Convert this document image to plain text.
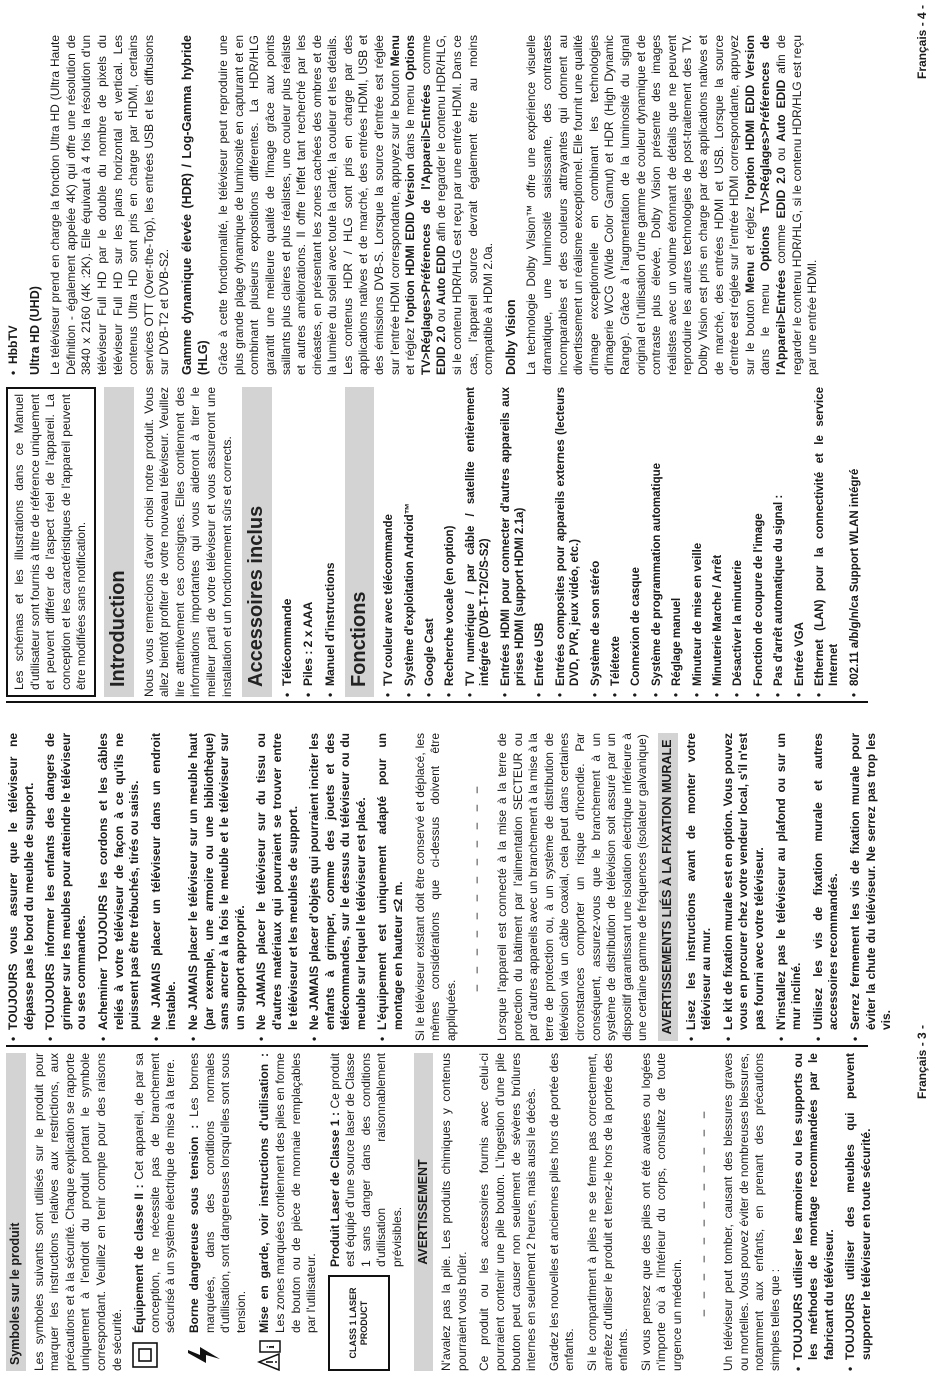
Symboles sur le produit Les symboles suivants sont utilisés sur le produit pour marquer les instructions relatives aux restrictions, aux précautions et à la sécurité. Chaque explication se rapporte uniquement à l'endroit du produit portant le symbole correspondant. Veuillez en tenir compte pour des raisons de sécurité.

Équipement de classe II : Cet appareil, de par sa conception, ne nécessite pas de branchement sécurisé à un système électrique de mise à la terre. Borne dangereuse sous tension : Les bornes marquées, dans des conditions normales d'utilisation, sont dangereuses lorsqu'elles sont sous tension.
i
Mise en garde, voir instructions d'utilisation : Les zones marquées contiennent des piles en forme de bouton ou de pièce de monnaie remplaçables par l'utilisateur.	CLASS 1 LASER PRODUCT
Produit Laser de Classe 1 : Ce produit est équipé d'une source laser de Classe 1 sans danger dans des conditions d'utilisation raisonnablement prévisibles. AVERTISSEMENT N'avalez pas la pile. Les produits chimiques y contenus pourraient vous brûler. Ce produit ou les accessoires fournis avec celui-ci pourraient contenir une pile bouton. L'ingestion d'une pile bouton peut causer non seulement de sévères brûlures internes en seulement 2 heures, mais aussi le décès. Gardez les nouvelles et anciennes piles hors de portée des enfants. Si le compartiment à piles ne se ferme pas correctement, arrêtez d'utiliser le produit et tenez-le hors de la portée des enfants. Si vous pensez que des piles ont été avalées ou logées n'importe où à l'intérieur du corps, consultez de toute urgence un médecin. – – – – – – – – – – – – Un téléviseur peut tomber, causant des blessures graves ou mortelles. Vous pouvez éviter de nombreuses blessures, notamment aux enfants, en prenant des précautions simples telles que : • TOUJOURS utiliser les armoires ou les supports ou les méthodes de montage recommandées par le fabricant du téléviseur. • TOUJOURS utiliser des meubles qui peuvent supporter le téléviseur en toute sécurité.
• TOUJOURS vous assurer que le téléviseur ne dépasse pas le bord du meuble de support. • TOUJOURS informer les enfants des dangers de grimper sur les meubles pour atteindre le téléviseur ou ses commandes. • Acheminer TOUJOURS les cordons et les câbles reliés à votre téléviseur de façon à ce qu'ils ne puissent pas être trébuchés, tirés ou saisis. • Ne JAMAIS placer un téléviseur dans un endroit instable. • Ne JAMAIS placer le téléviseur sur un meuble haut (par exemple, une armoire ou une bibliothèque) sans ancrer à la fois le meuble et le téléviseur sur un support approprié. • Ne JAMAIS placer le téléviseur sur du tissu ou d'autres matériaux qui pourraient se trouver entre le téléviseur et les meubles de support. • Ne JAMAIS placer d'objets qui pourraient inciter les enfants à grimper, comme des jouets et des télécommandes, sur le dessus du téléviseur ou du meuble sur lequel le téléviseur est placé. • L'équipement est uniquement adapté pour un montage en hauteur ≤2 m. Si le téléviseur existant doit être conservé et déplacé, les mêmes considérations que ci-dessus doivent être appliquées.

– – – – – – – – – – – – Lorsque l'appareil est connecté à la mise à la terre de protection du bâtiment par l'alimentation SECTEUR ou par d'autres appareils avec un branchement à la mise à la terre de protection ou, à un système de distribution de télévision via un câble coaxial, cela peut dans certaines circonstances comporter un risque d'incendie. Par conséquent, assurez-vous que le branchement à un système de distribution de télévision soit assuré par un dispositif garantissant une isolation électrique inférieure à une certaine gamme de fréquences (isolateur galvanique) AVERTISSEMENTS LIÉS À LA FIXATION MURALE • Lisez les instructions avant de monter votre téléviseur au mur. • Le kit de fixation murale est en option. Vous pouvez vous en procurer chez votre vendeur local, s'il n'est pas fourni avec votre téléviseur. • N'installez pas le téléviseur au plafond ou sur un mur incliné. • Utilisez les vis de fixation murale et autres accessoires recommandés. • Serrez fermement les vis de fixation murale pour éviter la chute du téléviseur. Ne serrez pas trop les vis.
Français - 3 -
Les schémas et les illustrations dans ce Manuel d'utilisateur sont fournis à titre de référence uniquement et peuvent différer de l'aspect réel de l'appareil. La conception et les caractéristiques de l'appareil peuvent être modifiées sans notification. Introduction	Nous vous remercions d'avoir choisi notre produit. Vous allez bientôt profiter de votre nouveau téléviseur. Veuillez lire attentivement ces consignes. Elles contiennent des informations importantes qui vous aideront à tirer le meilleur parti de votre téléviseur et vous assureront une installation et un fonctionnement sûrs et corrects. Accessoires inclus	• Télécommande • Piles : 2 x AAA • Manuel d'instructions Fonctions	• TV couleur avec télécommande • Système d'exploitation Android™ • Google Cast • Recherche vocale (en option) • TV numérique / par câble / satellite entièrement intégrée (DVB-T-T2/C/S-S2) • Entrées HDMI pour connecter d'autres appareils aux prises HDMI (support HDMI 2.1a) • Entrée USB • Entrées composites pour appareils externes (lecteurs DVD, PVR, jeux vidéo, etc.) • Système de son stéréo • Télétexte • Connexion de casque • Système de programmation automatique • Réglage manuel • Minuteur de mise en veille • Minuterie Marche / Arrêt • Désactiver la minuterie • Fonction de coupure de l'image • Pas d'arrêt automatique du signal : • Entrée VGA • Ethernet (LAN) pour la connectivité et le service Internet • 802.11 a/b/g/n/ca Support WLAN intégré
• HbbTV Ultra HD (UHD) Le téléviseur prend en charge la fonction Ultra HD (Ultra Haute Définition - également appelée 4K) qui offre une résolution de 3840 x 2160 (4K :2K). Elle équivaut à 4 fois la résolution d'un téléviseur Full HD par le double du nombre de pixels du téléviseur Full HD sur les plans horizontal et vertical. Les contenus Ultra HD sont pris en charge par HDMI, certains services OTT (Over-the-Top), les entrées USB et les diffusions sur DVB-T2 et DVB-S2. Gamme dynamique élevée (HDR) / Log-Gamma hybride (HLG) Grâce à cette fonctionnalité, le téléviseur peut reproduire une plus grande plage dynamique de luminosité en capturant et en combinant plusieurs expositions différentes. La HDR/HLG garantit une meilleure qualité de l'image grâce aux points saillants plus claires et plus réalistes, une couleur plus réaliste et autres améliorations. Il offre l'effet tant recherché par les cinéastes, en présentant les zones cachées des ombres et de la lumière du soleil avec toute la clarté, la couleur et les détails. Les contenus HDR / HLG sont pris en charge par des applications natives et de marché, des entrées HDMI, USB et des émissions DVB-S. Lorsque la source d'entrée est réglée sur l'entrée HDMI correspondante, appuyez sur le bouton Menu et réglez l'option HDMI EDID Version dans le menu Options TV>Réglages>Préférences de l'Appareil>Entrées comme EDID 2.0 ou Auto EDID afin de regarder le contenu HDR/HLG, si le contenu HDR/HLG est reçu par une entrée HDMI. Dans ce cas, l'appareil source devrait également être au moins compatible à HDMI 2.0a. Dolby Vision La technologie Dolby Vision™ offre une expérience visuelle dramatique, une luminosité saisissante, des contrastes incomparables et des couleurs attrayantes qui donnent au divertissement un réalisme exceptionnel. Elle fournit une qualité d'image exceptionnelle en combinant les technologies d'imagerie WCG (Wide Color Gamut) et HDR (High Dynamic Range). Grâce à l'augmentation de la luminosité du signal original et l'utilisation d'une gamme de couleur dynamique et de contraste plus élevée, Dolby Vision présente des images réalistes avec un volume étonnant de détails que ne peuvent reproduire les autres technologies de post-traitement des TV. Dolby Vision est pris en charge par des applications natives et de marché, des entrées HDMI et USB. Lorsque la source d'entrée est réglée sur l'entrée HDMI correspondante, appuyez sur le bouton Menu et réglez l'option HDMI EDID Version dans le menu Options TV>Réglages>Préférences de l'Appareil>Entrées comme EDID 2.0 ou Auto EDID afin de regarder le contenu HDR/HLG, si le contenu HDR/HLG est reçu par une entrée HDMI.

Français - 4 -
